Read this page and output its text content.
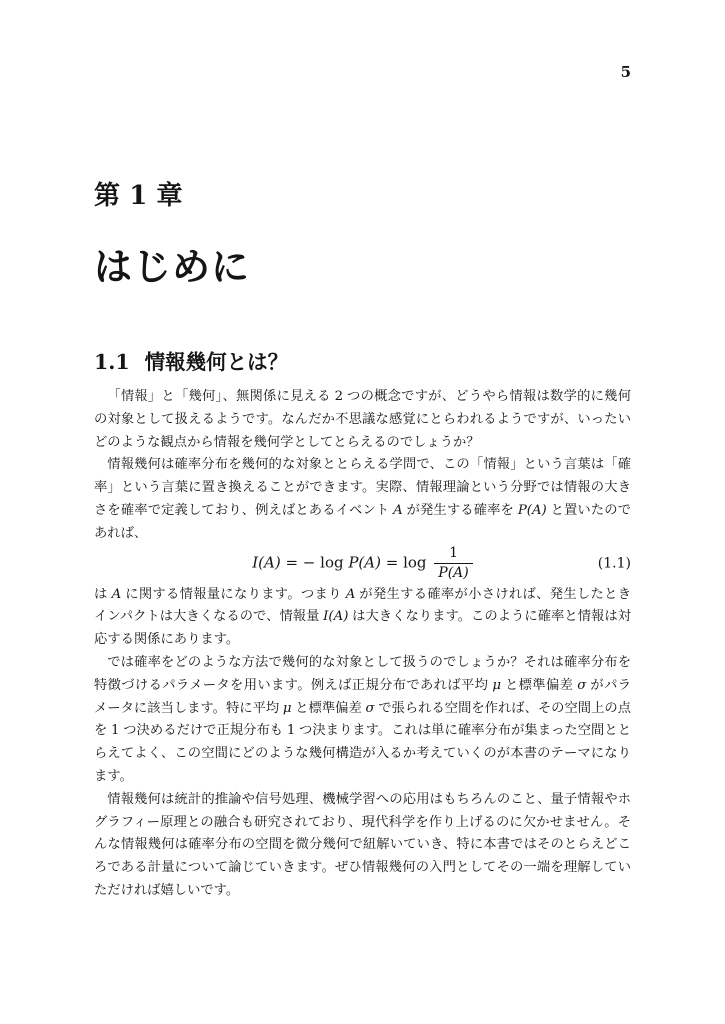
5
第 1 章
はじめに
1.1 情報幾何とは？
「情報」と「幾何」、無関係に見える 2 つの概念ですが、どうやら情報は数学的に幾何
の対象として扱えるようです。なんだか不思議な感覚にとらわれるようですが、いったい
どのような観点から情報を幾何学としてとらえるのでしょうか？
情報幾何は確率分布を幾何的な対象ととらえる学問で、この「情報」という言葉は「確
率」という言葉に置き換えることができます。実際、情報理論という分野では情報の大き
さを確率で定義しており、例えばとあるイベント A が発生する確率を P(A) と置いたので
あれば、
I(A) = − $\log P(A) = \log \frac{1}{P(A)}$	(1.1)
は A に関する情報量になります。つまり A が発生する確率が小さければ、発生したとき
インパクトは大きくなるので、情報量 I(A) は大きくなります。このように確率と情報は対
応する関係にあります。
では確率をどのような方法で幾何的な対象として扱うのでしょうか？それは確率分布を
特徴づけるパラメータを用います。例えば正規分布であれば平均 μ と標準偏差 σ がパラ
メータに該当します。特に平均 μ と標準偏差 σ で張られる空間を作れば、その空間上の点
を 1 つ決めるだけで正規分布も 1 つ決まります。これは単に確率分布が集まった空間とと
らえてよく、この空間にどのような幾何構造が入るか考えていくのが本書のテーマになり
ます。
情報幾何は統計的推論や信号処理、機械学習への応用はもちろんのこと、量子情報やホ
グラフィー原理との融合も研究されており、現代科学を作り上げるのに欠かせません。そ
んな情報幾何は確率分布の空間を微分幾何で紐解いていき、特に本書ではそのとらえどこ
ろである計量について論じていきます。ぜひ情報幾何の入門としてその一端を理解してい
ただければ嬉しいです。
